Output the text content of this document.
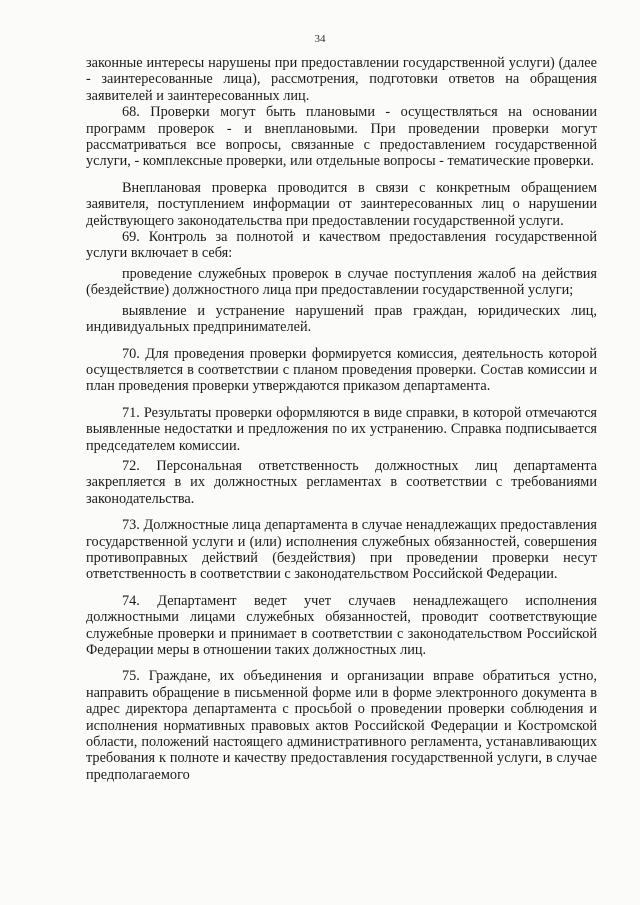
34

законные интересы нарушены при предоставлении государственной услуги) (далее - заинтересованные лица), рассмотрения, подготовки ответов на обращения заявителей и заинтересованных лиц.

68. Проверки могут быть плановыми - осуществляться на основании программ проверок - и внеплановыми. При проведении проверки могут рассматриваться все вопросы, связанные с предоставлением государственной услуги, - комплексные проверки, или отдельные вопросы - тематические проверки.

Внеплановая проверка проводится в связи с конкретным обращением заявителя, поступлением информации от заинтересованных лиц о нарушении действующего законодательства при предоставлении государственной услуги.

69. Контроль за полнотой и качеством предоставления государственной услуги включает в себя:

проведение служебных проверок в случае поступления жалоб на действия (бездействие) должностного лица при предоставлении государственной услуги;

выявление и устранение нарушений прав граждан, юридических лиц, индивидуальных предпринимателей.

70. Для проведения проверки формируется комиссия, деятельность которой осуществляется в соответствии с планом проведения проверки. Состав комиссии и план проведения проверки утверждаются приказом департамента.

71. Результаты проверки оформляются в виде справки, в которой отмечаются выявленные недостатки и предложения по их устранению. Справка подписывается председателем комиссии.

72. Персональная ответственность должностных лиц департамента закрепляется в их должностных регламентах в соответствии с требованиями законодательства.

73. Должностные лица департамента в случае ненадлежащих предоставления государственной услуги и (или) исполнения служебных обязанностей, совершения противоправных действий (бездействия) при проведении проверки несут ответственность в соответствии с законодательством Российской Федерации.

74. Департамент ведет учет случаев ненадлежащего исполнения должностными лицами служебных обязанностей, проводит соответствующие служебные проверки и принимает в соответствии с законодательством Российской Федерации меры в отношении таких должностных лиц.

75. Граждане, их объединения и организации вправе обратиться устно, направить обращение в письменной форме или в форме электронного документа в адрес директора департамента с просьбой о проведении проверки соблюдения и исполнения нормативных правовых актов Российской Федерации и Костромской области, положений настоящего административного регламента, устанавливающих требования к полноте и качеству предоставления государственной услуги, в случае предполагаемого
